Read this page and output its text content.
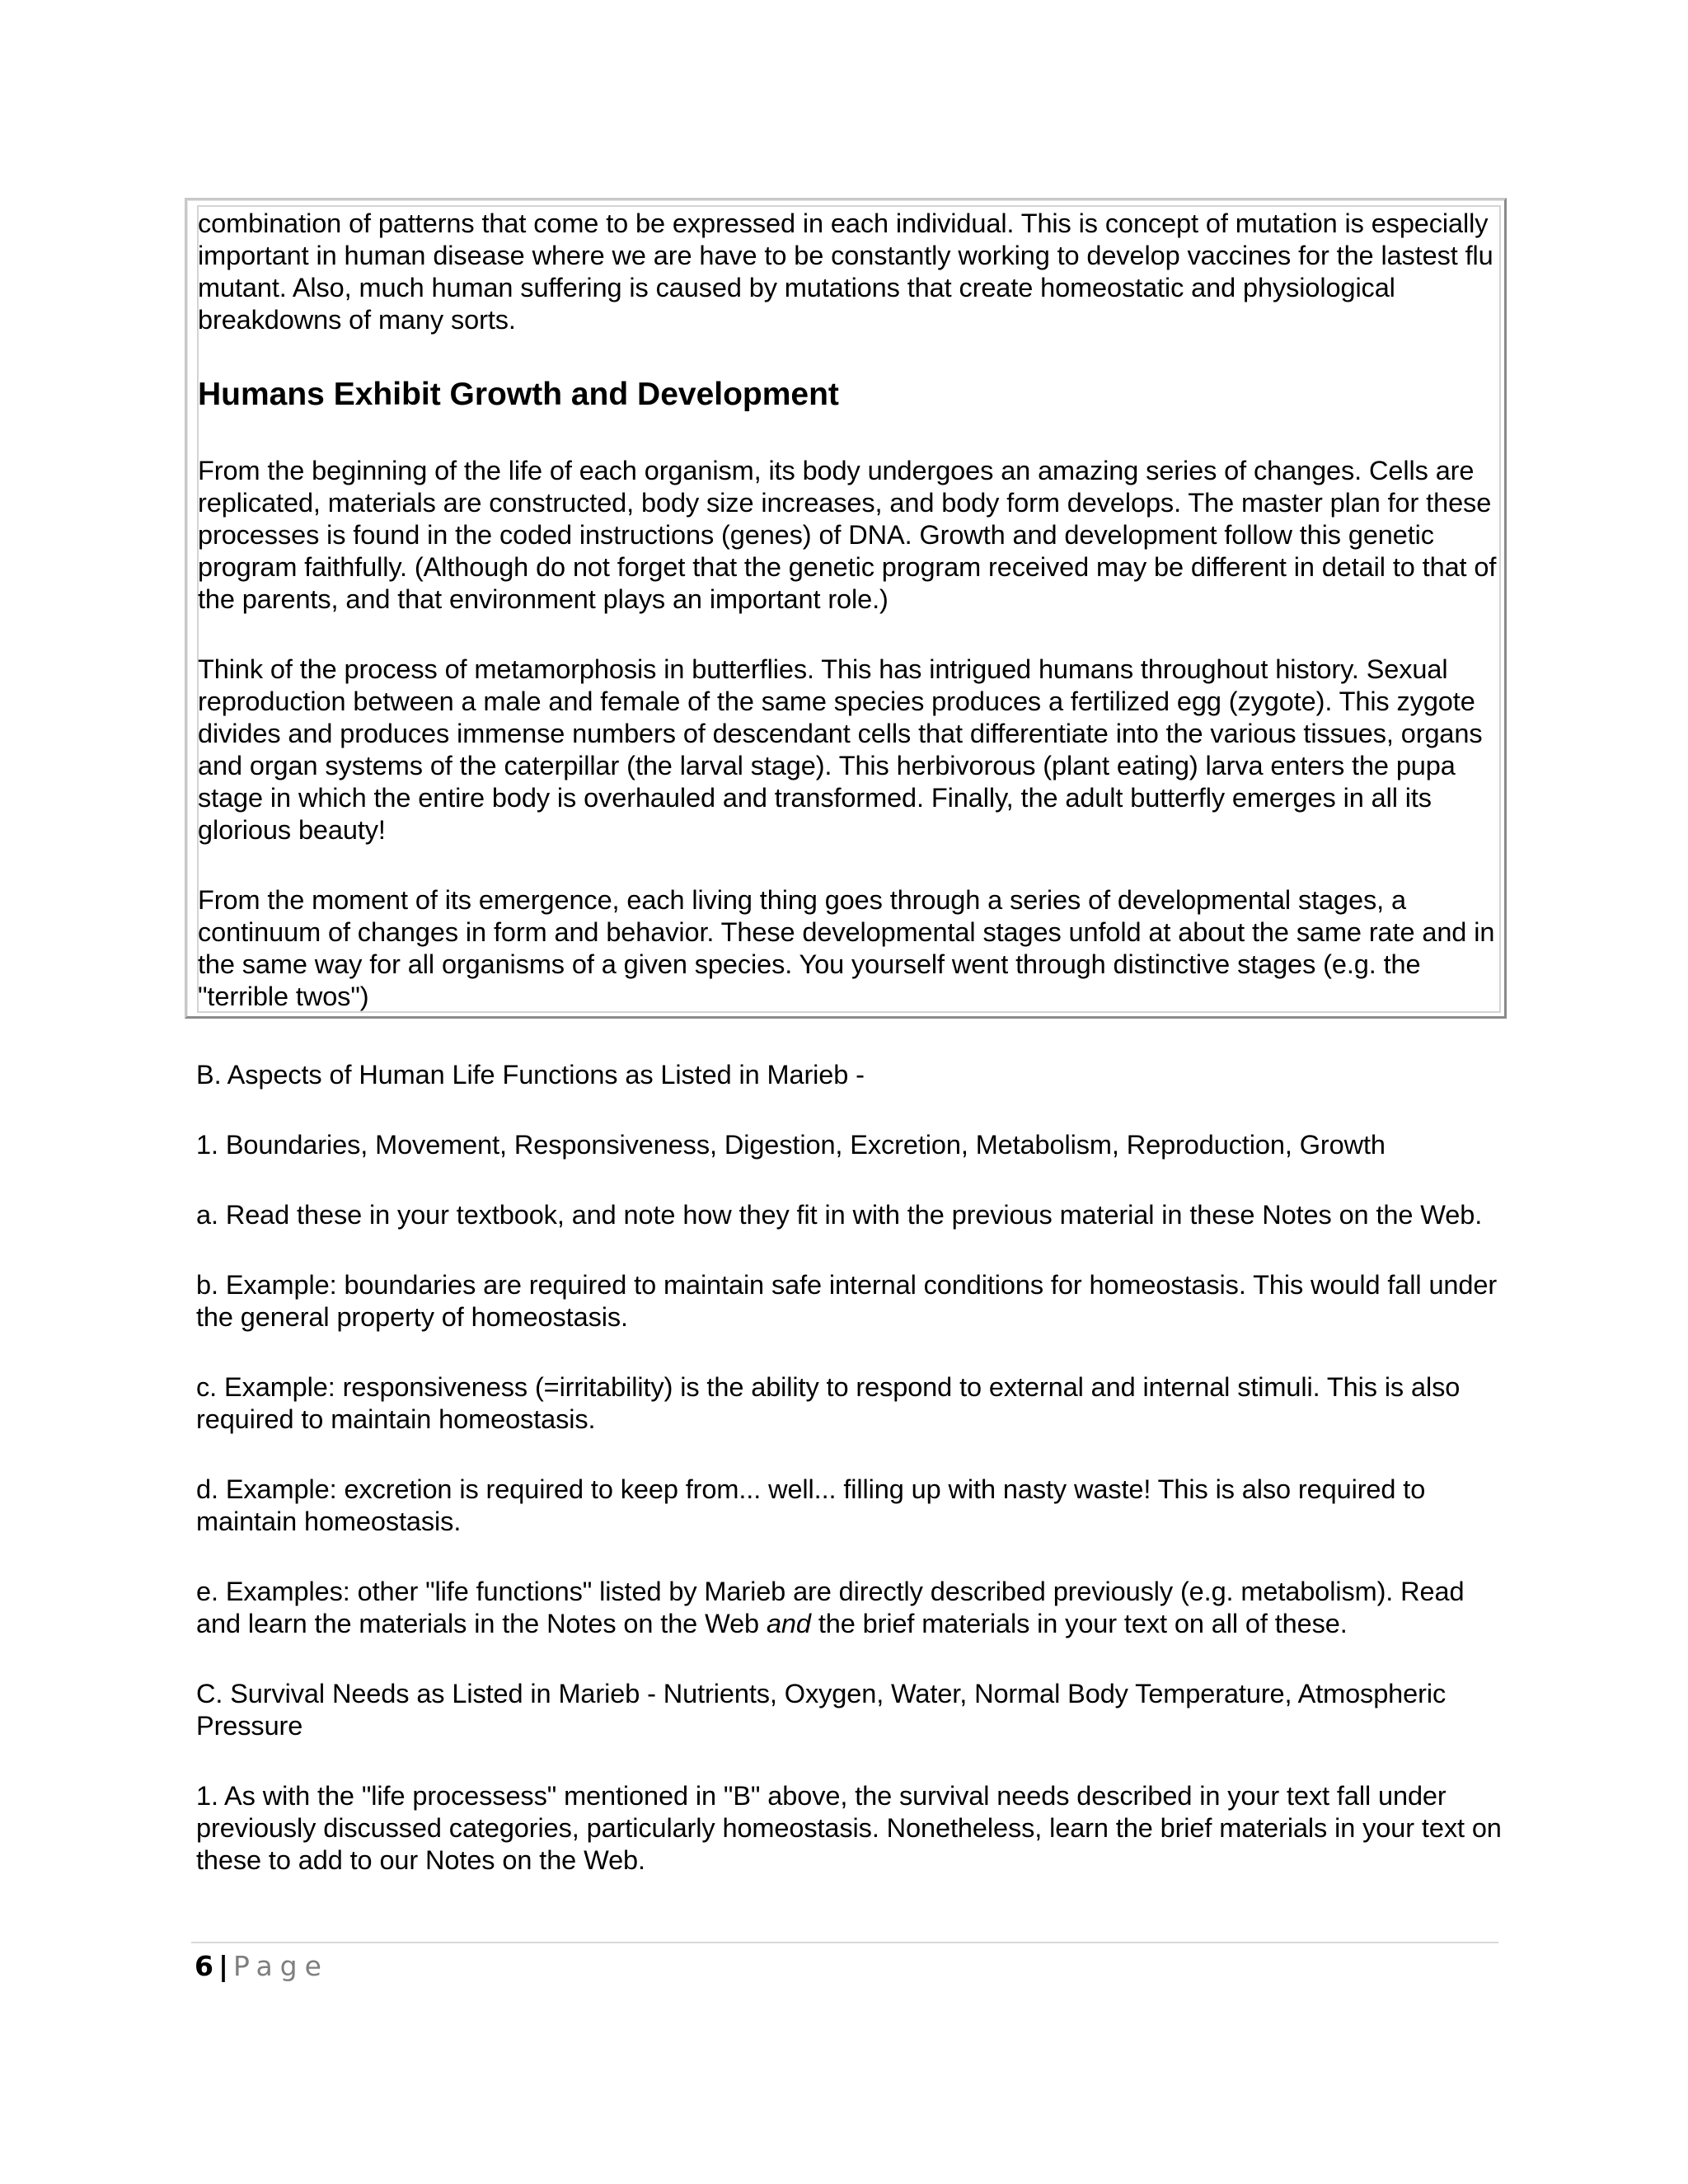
combination of patterns that come to be expressed in each individual. This is concept of mutation is especially important in human disease where we are have to be constantly working to develop vaccines for the lastest flu mutant. Also, much human suffering is caused by mutations that create homeostatic and physiological breakdowns of many sorts.

Humans Exhibit Growth and Development

From the beginning of the life of each organism, its body undergoes an amazing series of changes. Cells are replicated, materials are constructed, body size increases, and body form develops. The master plan for these processes is found in the coded instructions (genes) of DNA. Growth and development follow this genetic program faithfully. (Although do not forget that the genetic program received may be different in detail to that of the parents, and that environment plays an important role.)

Think of the process of metamorphosis in butterflies. This has intrigued humans throughout history. Sexual reproduction between a male and female of the same species produces a fertilized egg (zygote). This zygote divides and produces immense numbers of descendant cells that differentiate into the various tissues, organs and organ systems of the caterpillar (the larval stage). This herbivorous (plant eating) larva enters the pupa stage in which the entire body is overhauled and transformed. Finally, the adult butterfly emerges in all its glorious beauty!

From the moment of its emergence, each living thing goes through a series of developmental stages, a continuum of changes in form and behavior. These developmental stages unfold at about the same rate and in the same way for all organisms of a given species. You yourself went through distinctive stages (e.g. the "terrible twos")

B. Aspects of Human Life Functions as Listed in Marieb -

1. Boundaries, Movement, Responsiveness, Digestion, Excretion, Metabolism, Reproduction, Growth

a. Read these in your textbook, and note how they fit in with the previous material in these Notes on the Web.

b. Example: boundaries are required to maintain safe internal conditions for homeostasis. This would fall under the general property of homeostasis.

c. Example: responsiveness (=irritability) is the ability to respond to external and internal stimuli. This is also required to maintain homeostasis.

d. Example: excretion is required to keep from... well... filling up with nasty waste! This is also required to maintain homeostasis.

e. Examples: other "life functions" listed by Marieb are directly described previously (e.g. metabolism). Read and learn the materials in the Notes on the Web and the brief materials in your text on all of these.

C. Survival Needs as Listed in Marieb - Nutrients, Oxygen, Water, Normal Body Temperature, Atmospheric Pressure

1. As with the "life processess" mentioned in "B" above, the survival needs described in your text fall under previously discussed categories, particularly homeostasis. Nonetheless, learn the brief materials in your text on these to add to our Notes on the Web.

6 | Page
